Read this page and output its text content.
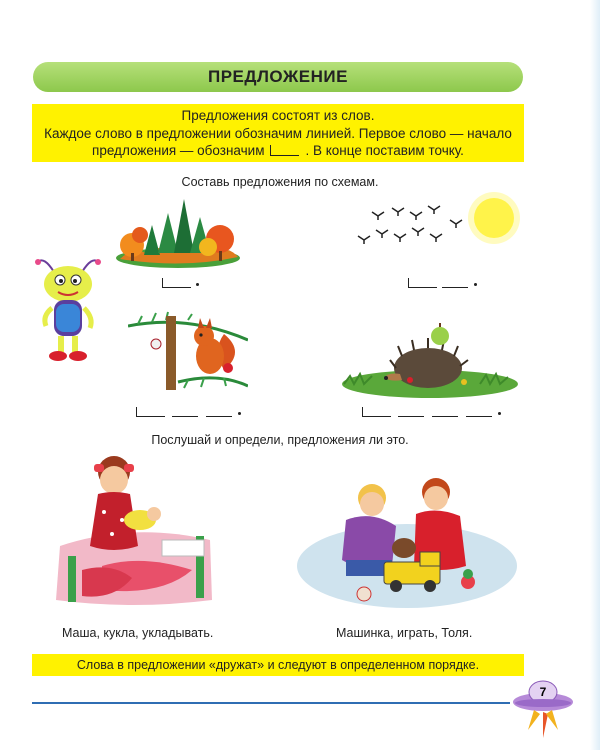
ПРЕДЛОЖЕНИЕ
Предложения состоят из слов.
Каждое слово в предложении обозначим линией. Первое слово — начало
предложения — обозначим	. В конце поставим точку.
Составь предложения по схемам.
Послушай и определи, предложения ли это.
Маша, кукла, укладывать.	Машинка, играть, Толя.
Слова в предложении «дружат» и следуют в определенном порядке.
7
